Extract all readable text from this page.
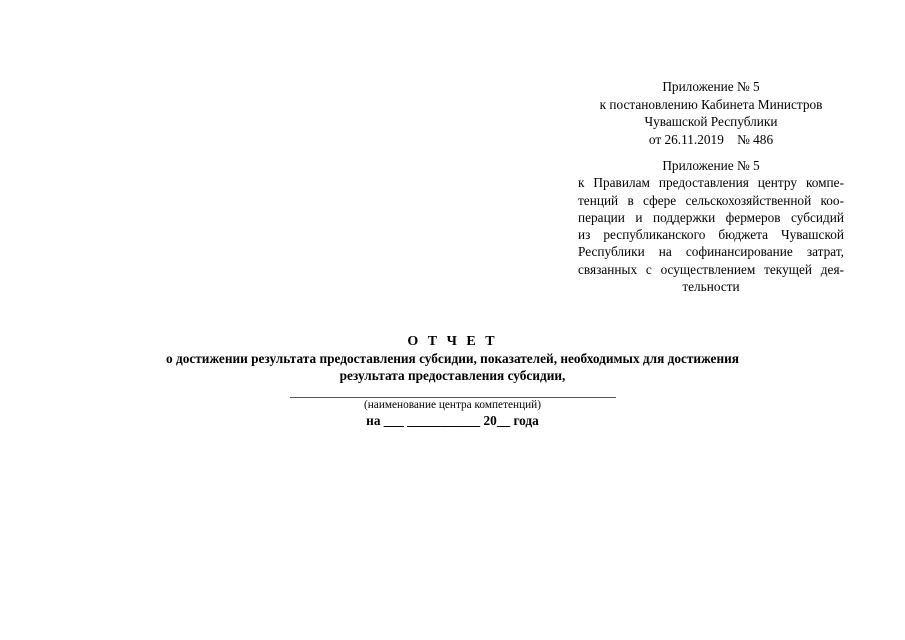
Приложение № 5
к постановлению Кабинета Министров
Чувашской Республики
от 26.11.2019    № 486
Приложение № 5
к Правилам предоставления центру компе-
тенций в сфере сельскохозяйственной коо-
перации и поддержки фермеров субсидий
из республиканского бюджета Чувашской
Республики на софинансирование затрат,
связанных с осуществлением текущей дея-
тельности
О Т Ч Е Т
о достижении результата предоставления субсидии, показателей, необходимых для достижения
результата предоставления субсидии,
(наименование центра компетенций)
на ___ ___________ 20__ года
